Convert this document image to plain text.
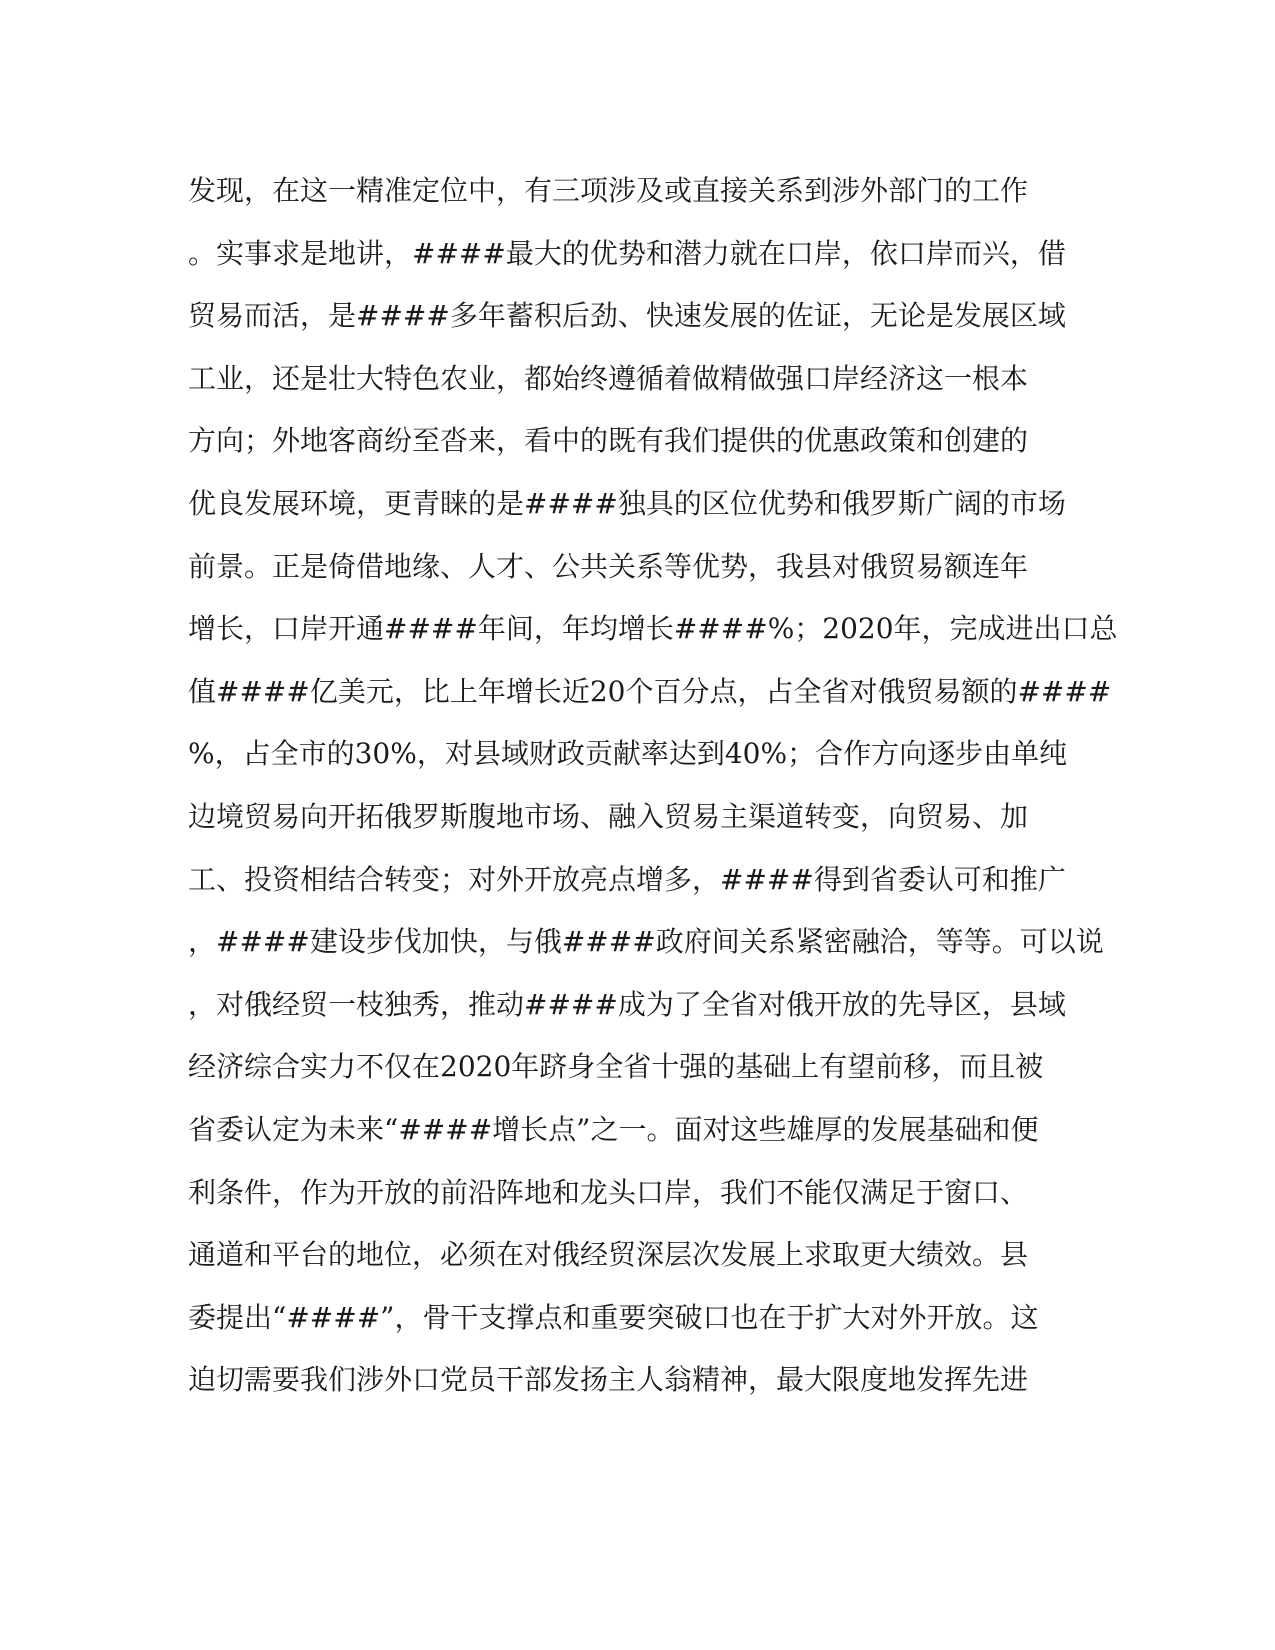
发现，在这一精准定位中，有三项涉及或直接关系到涉外部门的工作
。实事求是地讲，####最大的优势和潜力就在口岸，依口岸而兴，借
贸易而活，是####多年蓄积后劲、快速发展的佐证，无论是发展区域
工业，还是壮大特色农业，都始终遵循着做精做强口岸经济这一根本
方向；外地客商纷至沓来，看中的既有我们提供的优惠政策和创建的
优良发展环境，更青睐的是####独具的区位优势和俄罗斯广阔的市场
前景。正是倚借地缘、人才、公共关系等优势，我县对俄贸易额连年
增长，口岸开通####年间，年均增长####%；2020年，完成进出口总
值####亿美元，比上年增长近20个百分点，占全省对俄贸易额的####
%，占全市的30%，对县域财政贡献率达到40%；合作方向逐步由单纯
边境贸易向开拓俄罗斯腹地市场、融入贸易主渠道转变，向贸易、加
工、投资相结合转变；对外开放亮点增多，####得到省委认可和推广
，####建设步伐加快，与俄####政府间关系紧密融洽，等等。可以说
，对俄经贸一枝独秀，推动####成为了全省对俄开放的先导区，县域
经济综合实力不仅在2020年跻身全省十强的基础上有望前移，而且被
省委认定为未来“####增长点”之一。面对这些雄厚的发展基础和便
利条件，作为开放的前沿阵地和龙头口岸，我们不能仅满足于窗口、
通道和平台的地位，必须在对俄经贸深层次发展上求取更大绩效。县
委提出“####”，骨干支撑点和重要突破口也在于扩大对外开放。这
迫切需要我们涉外口党员干部发扬主人翁精神，最大限度地发挥先进
